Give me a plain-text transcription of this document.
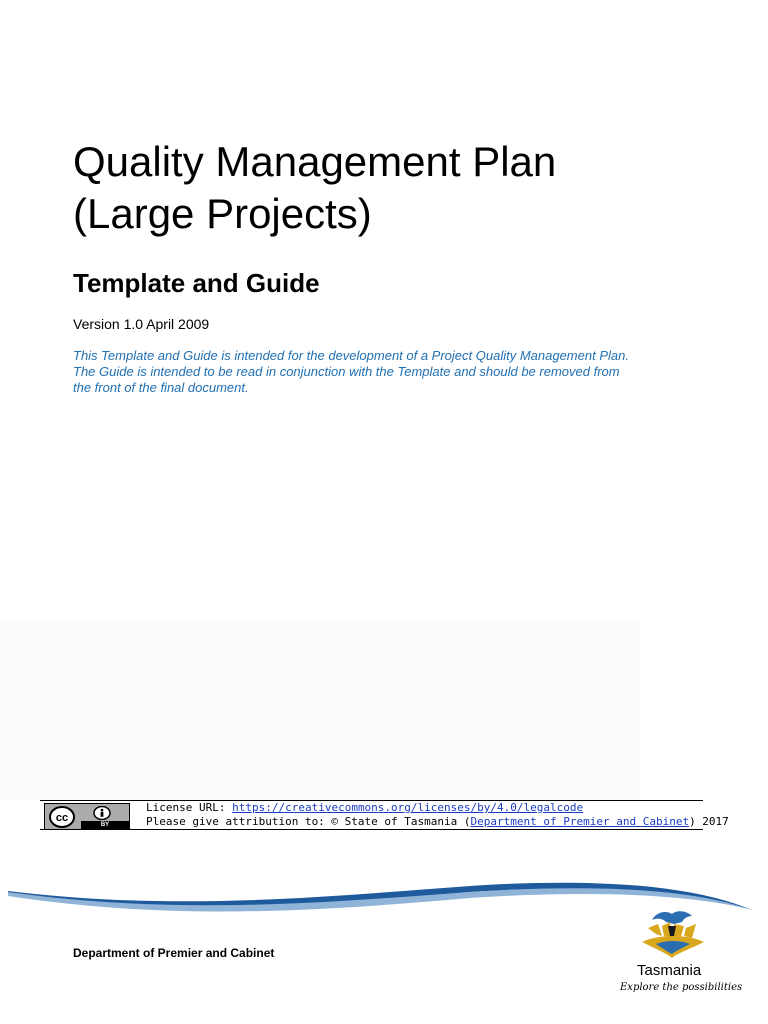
Quality Management Plan
(Large Projects)
Template and Guide

Version 1.0 April 2009

This Template and Guide is intended for the development of a Project Quality Management Plan.
The Guide is intended to be read in conjunction with the Template and should be removed from
the front of the final document.

cc
BY
License URL: https://creativecommons.org/licenses/by/4.0/legalcode
Please give attribution to: © State of Tasmania (Department of Premier and Cabinet) 2017
Department of Premier and Cabinet
Tasmania
Explore the possibilities
